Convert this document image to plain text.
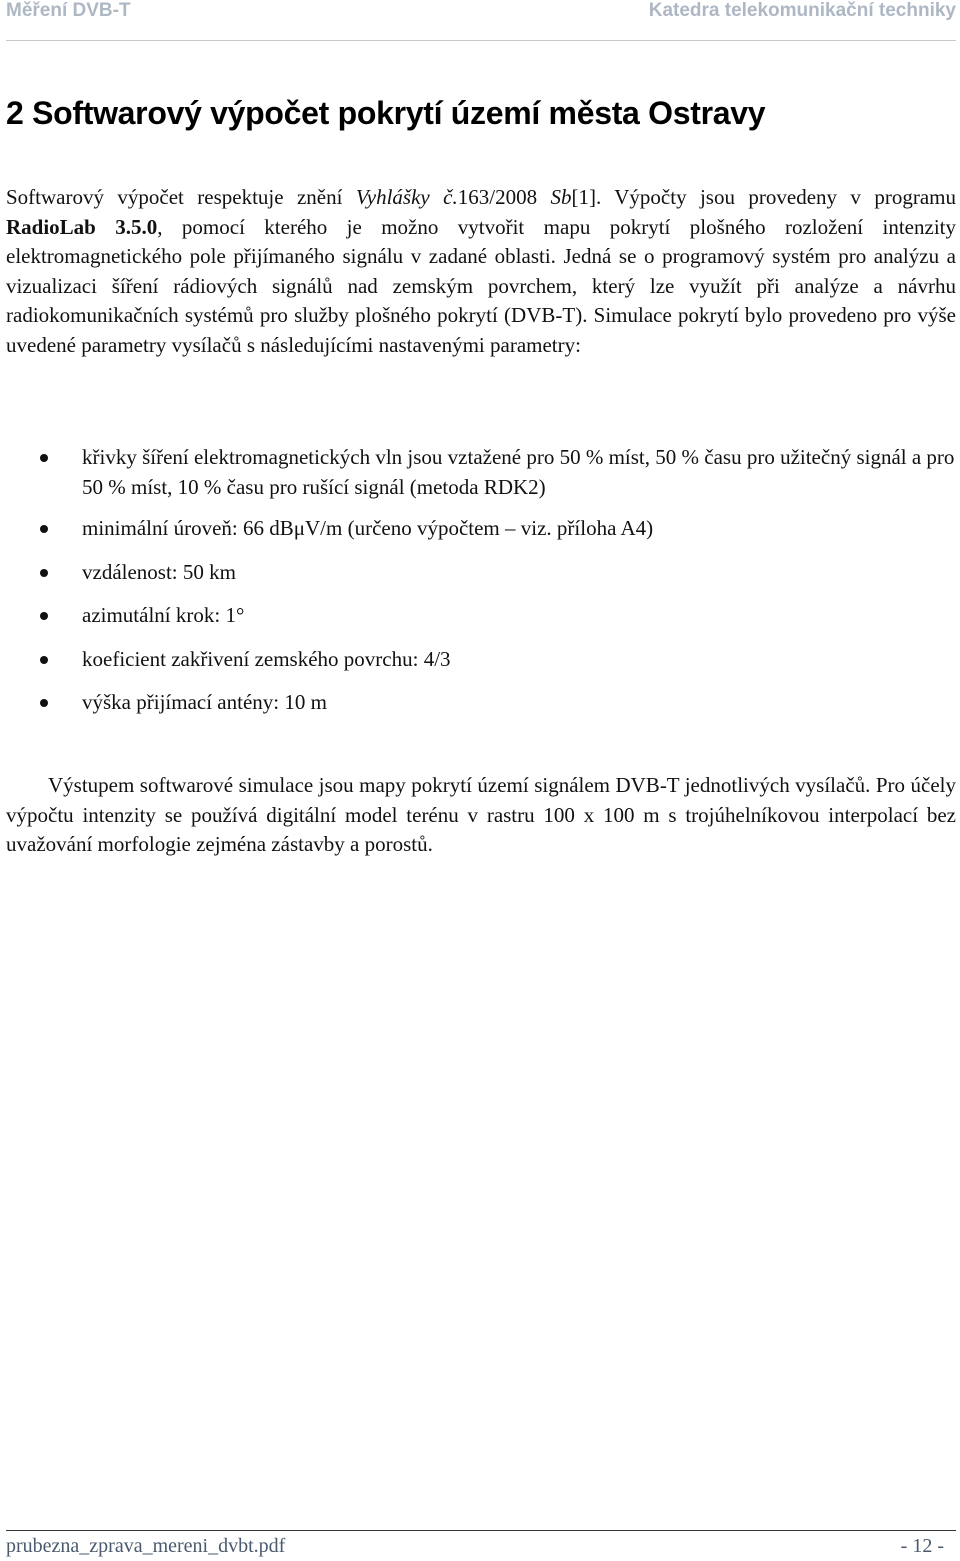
Měření DVB-T	Katedra telekomunikační techniky
2 Softwarový výpočet pokrytí území města Ostravy

Softwarový výpočet respektuje znění Vyhlášky č.163/2008 Sb[1]. Výpočty jsou provedeny v programu RadioLab 3.5.0, pomocí kterého je možno vytvořit mapu pokrytí plošného rozložení intenzity elektromagnetického pole přijímaného signálu v zadané oblasti. Jedná se o programový systém pro analýzu a vizualizaci šíření rádiových signálů nad zemským povrchem, který lze využít při analýze a návrhu radiokomunikačních systémů pro služby plošného pokrytí (DVB-T). Simulace pokrytí bylo provedeno pro výše uvedené parametry vysílačů s následujícími nastavenými parametry:

křivky šíření elektromagnetických vln jsou vztažené pro 50 % míst, 50 % času pro užitečný signál a pro 50 % míst, 10 % času pro rušící signál (metoda RDK2)
minimální úroveň: 66 dBμV/m (určeno výpočtem – viz. příloha A4)
vzdálenost: 50 km
azimutální krok: 1°
koeficient zakřivení zemského povrchu: 4/3
výška přijímací antény: 10 m

Výstupem softwarové simulace jsou mapy pokrytí území signálem DVB-T jednotlivých vysílačů. Pro účely výpočtu intenzity se používá digitální model terénu v rastru 100 x 100 m s trojúhelníkovou interpolací bez uvažování morfologie zejména zástavby a porostů.

prubezna_zprava_mereni_dvbt.pdf	- 12 -
